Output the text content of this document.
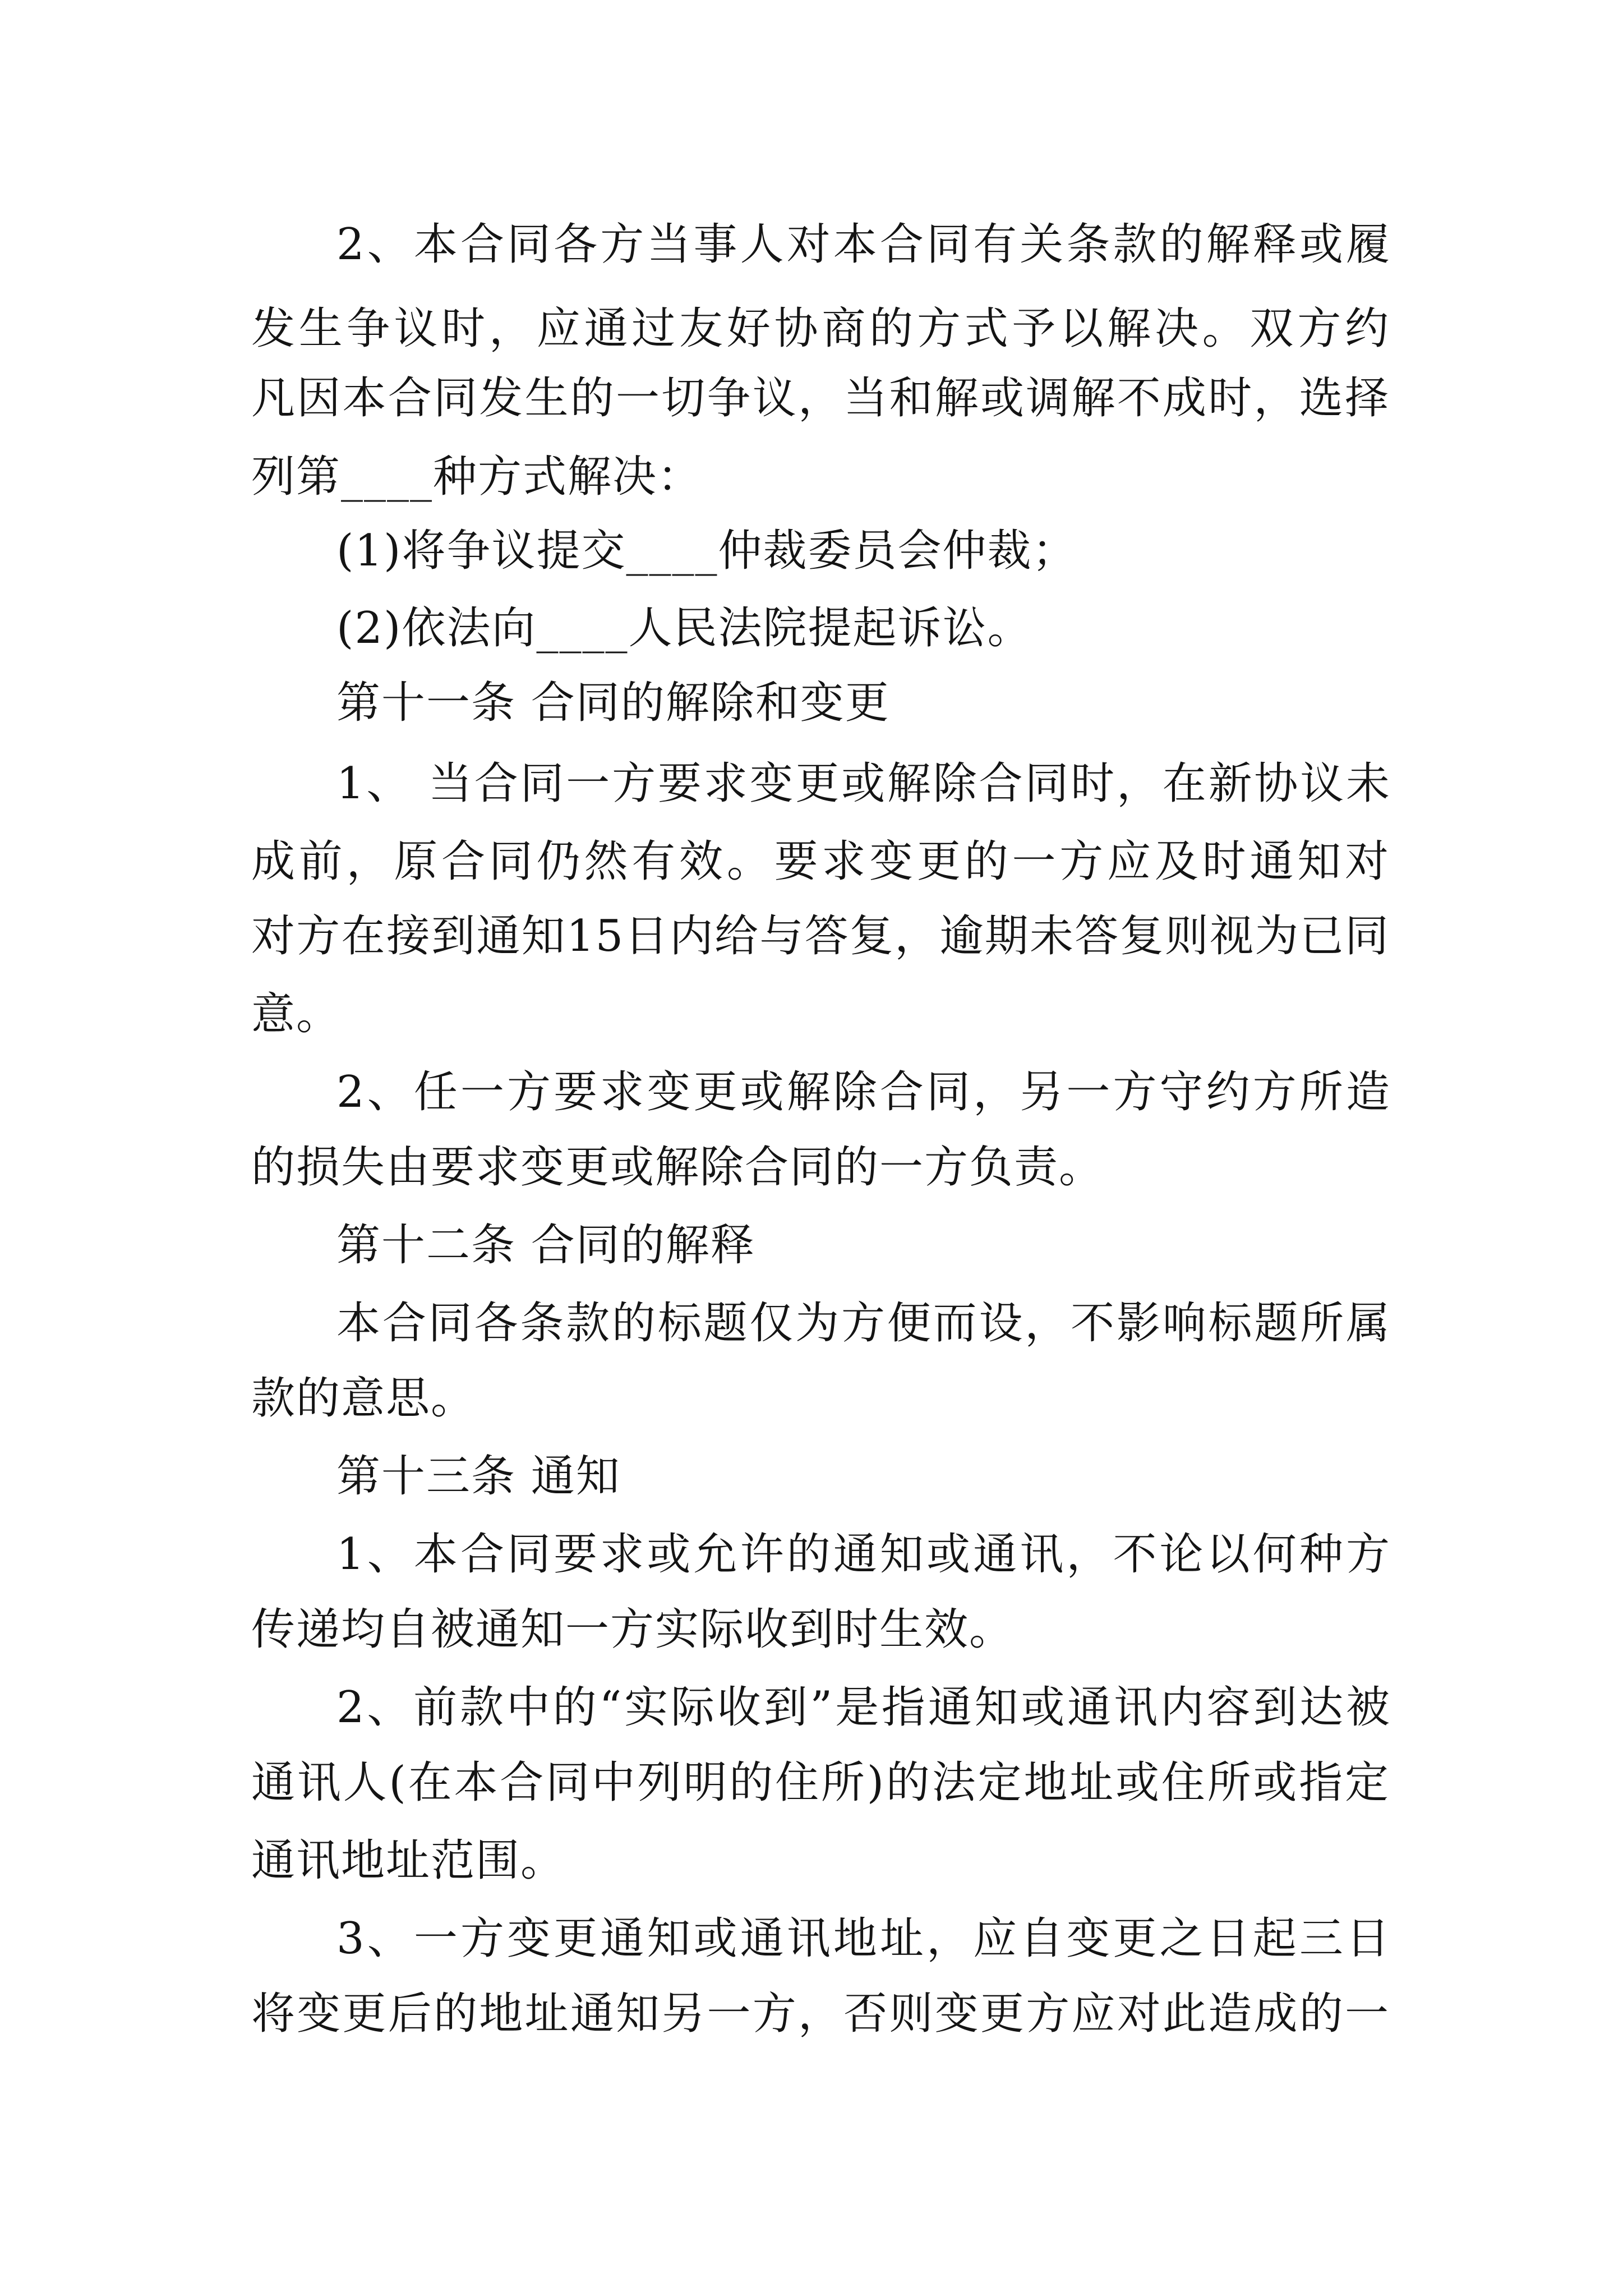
2、本合同各方当事人对本合同有关条款的解释或履
发生争议时，应通过友好协商的方式予以解决。双方约
凡因本合同发生的一切争议，当和解或调解不成时，选择
列第____种方式解决：
(1)将争议提交____仲裁委员会仲裁；
(2)依法向____人民法院提起诉讼。
第十一条 合同的解除和变更
1、 当合同一方要求变更或解除合同时，在新协议未
成前，原合同仍然有效。要求变更的一方应及时通知对
对方在接到通知15日内给与答复，逾期未答复则视为已同
意。
2、任一方要求变更或解除合同，另一方守约方所造
的损失由要求变更或解除合同的一方负责。
第十二条 合同的解释
本合同各条款的标题仅为方便而设，不影响标题所属
款的意思。
第十三条 通知
1、本合同要求或允许的通知或通讯，不论以何种方
传递均自被通知一方实际收到时生效。
2、前款中的“实际收到”是指通知或通讯内容到达被
通讯人(在本合同中列明的住所)的法定地址或住所或指定
通讯地址范围。
3、一方变更通知或通讯地址，应自变更之日起三日
将变更后的地址通知另一方，否则变更方应对此造成的一
